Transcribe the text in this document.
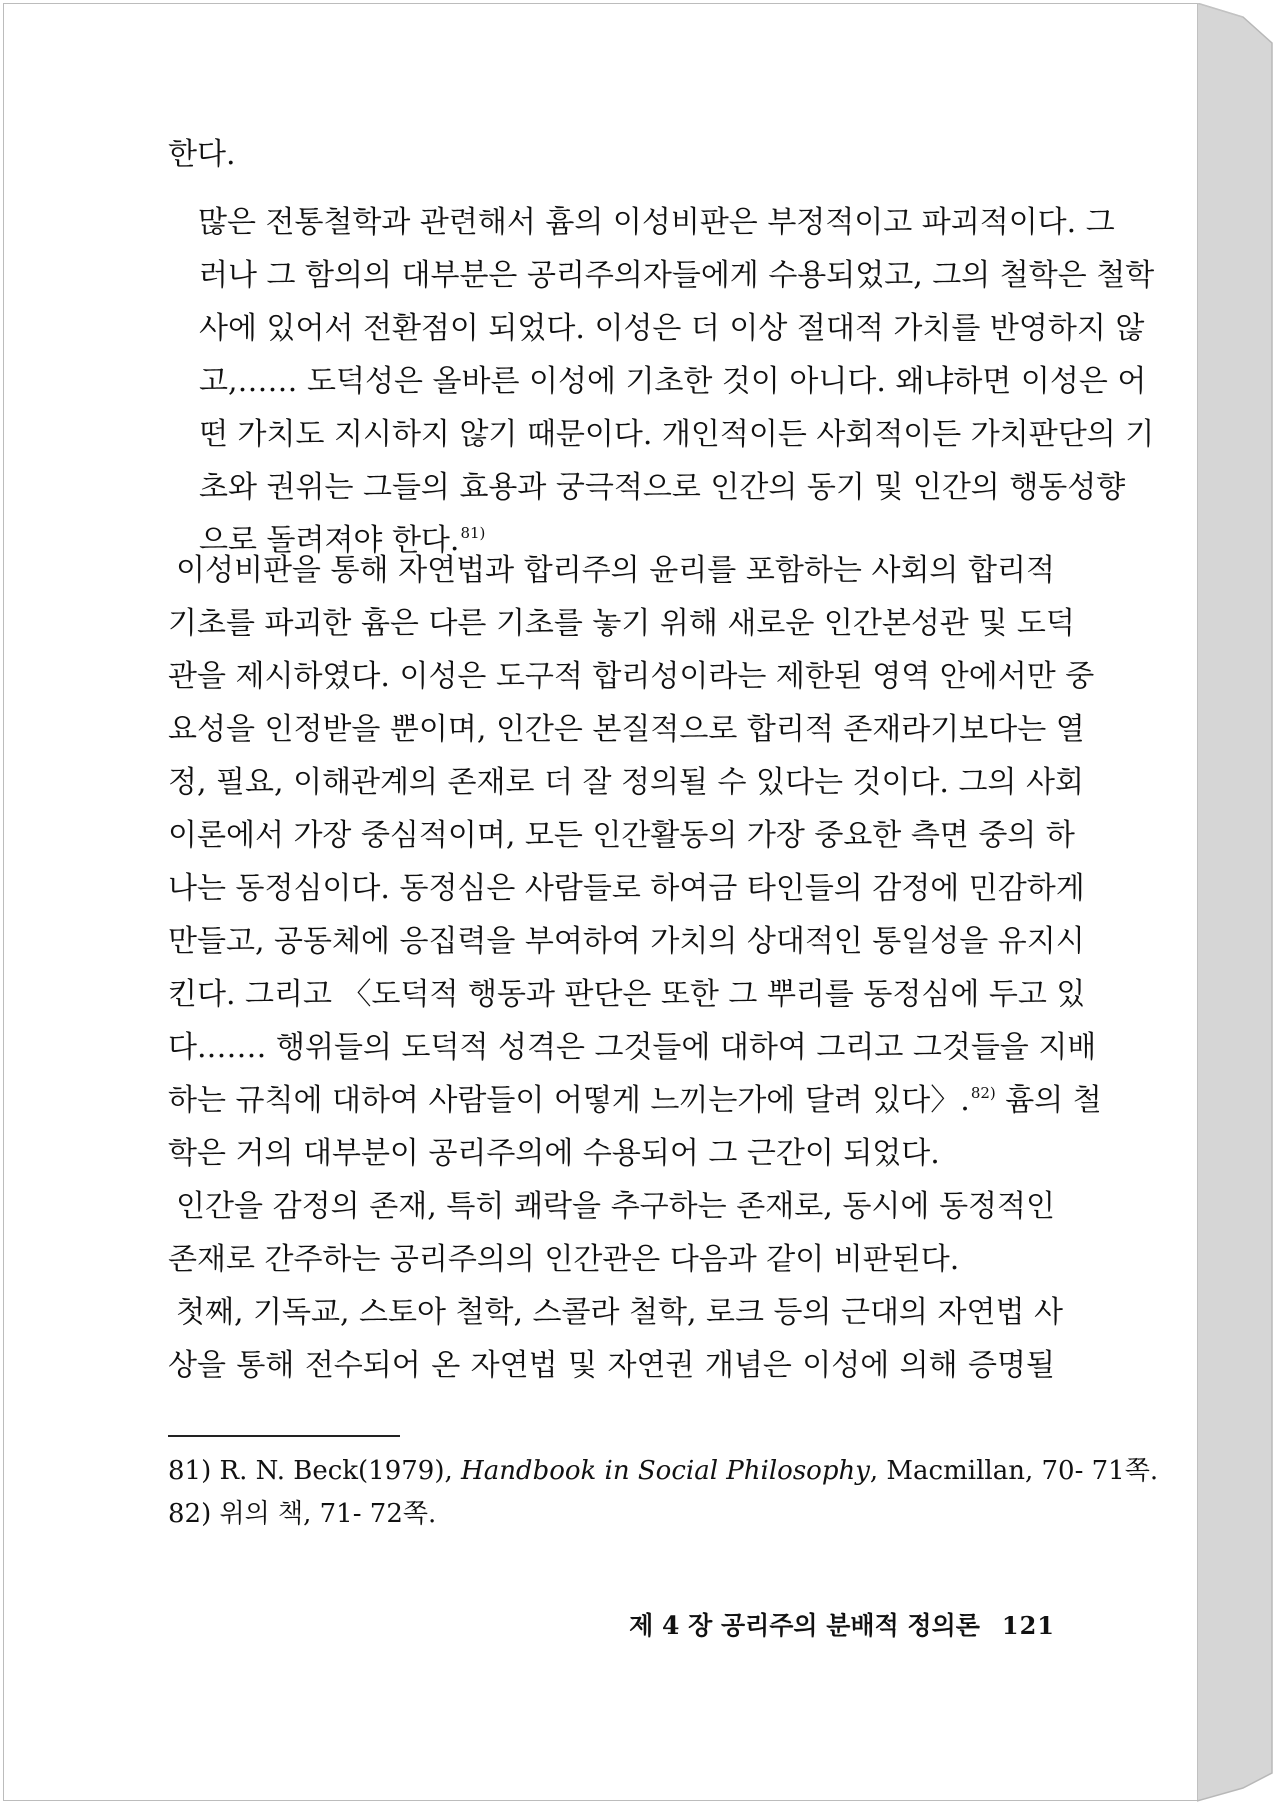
한다.
많은 전통철학과 관련해서 흄의 이성비판은 부정적이고 파괴적이다. 그
러나 그 함의의 대부분은 공리주의자들에게 수용되었고, 그의 철학은 철학
사에 있어서 전환점이 되었다. 이성은 더 이상 절대적 가치를 반영하지 않
고,…… 도덕성은 올바른 이성에 기초한 것이 아니다. 왜냐하면 이성은 어
떤 가치도 지시하지 않기 때문이다. 개인적이든 사회적이든 가치판단의 기
초와 권위는 그들의 효용과 궁극적으로 인간의 동기 및 인간의 행동성향
으로 돌려져야 한다.$^{81)}$
이성비판을 통해 자연법과 합리주의 윤리를 포함하는 사회의 합리적
기초를 파괴한 흄은 다른 기초를 놓기 위해 새로운 인간본성관 및 도덕
관을 제시하였다. 이성은 도구적 합리성이라는 제한된 영역 안에서만 중
요성을 인정받을 뿐이며, 인간은 본질적으로 합리적 존재라기보다는 열
정, 필요, 이해관계의 존재로 더 잘 정의될 수 있다는 것이다. 그의 사회
이론에서 가장 중심적이며, 모든 인간활동의 가장 중요한 측면 중의 하
나는 동정심이다. 동정심은 사람들로 하여금 타인들의 감정에 민감하게
만들고, 공동체에 응집력을 부여하여 가치의 상대적인 통일성을 유지시
킨다. 그리고 〈도덕적 행동과 판단은 또한 그 뿌리를 동정심에 두고 있
다.…… 행위들의 도덕적 성격은 그것들에 대하여 그리고 그것들을 지배
하는 규칙에 대하여 사람들이 어떻게 느끼는가에 달려 있다〉.$^{82)}$ 흄의 철
학은 거의 대부분이 공리주의에 수용되어 그 근간이 되었다.
인간을 감정의 존재, 특히 쾌락을 추구하는 존재로, 동시에 동정적인
존재로 간주하는 공리주의의 인간관은 다음과 같이 비판된다.
첫째, 기독교, 스토아 철학, 스콜라 철학, 로크 등의 근대의 자연법 사
상을 통해 전수되어 온 자연법 및 자연권 개념은 이성에 의해 증명될
81) R. N. Beck(1979), Handbook in Social Philosophy, Macmillan, 70- 71쪽.
82) 위의 책, 71- 72쪽.
제 4 장 공리주의 분배적 정의론 121
